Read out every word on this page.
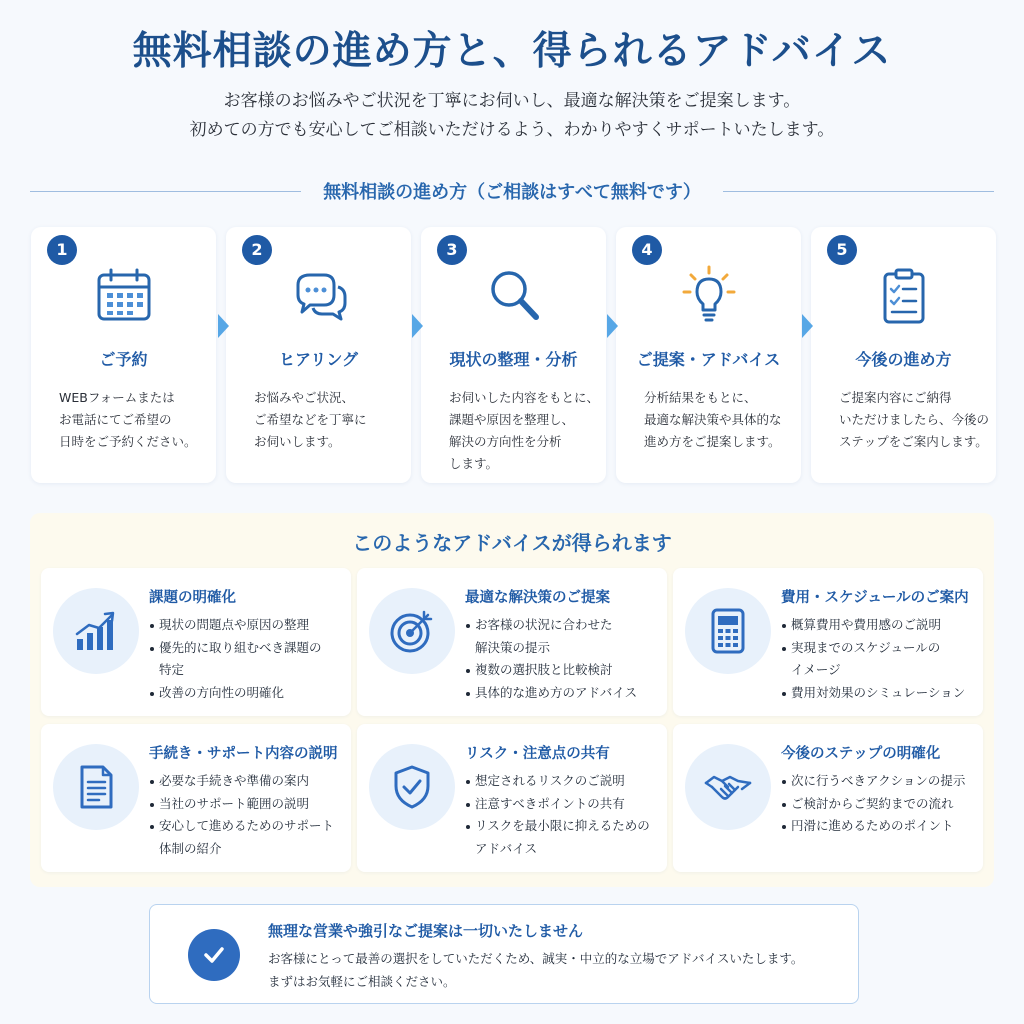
無料相談の進め方と、得られるアドバイス
お客様のお悩みやご状況を丁寧にお伺いし、最適な解決策をご提案します。
初めての方でも安心してご相談いただけるよう、わかりやすくサポートいたします。
無料相談の進め方（ご相談はすべて無料です）
1
ご予約
WEBフォームまたは
お電話にてご希望の
日時をご予約ください。
2
ヒアリング
お悩みやご状況、
ご希望などを丁寧に
お伺いします。
3
現状の整理・分析
お伺いした内容をもとに、
課題や原因を整理し、
解決の方向性を分析
します。
4
ご提案・アドバイス
分析結果をもとに、
最適な解決策や具体的な
進め方をご提案します。
5
今後の進め方
ご提案内容にご納得
いただけましたら、今後の
ステップをご案内します。
このようなアドバイスが得られます
課題の明確化
現状の問題点や原因の整理
優先的に取り組むべき課題の
特定
改善の方向性の明確化
最適な解決策のご提案
お客様の状況に合わせた
解決策の提示
複数の選択肢と比較検討
具体的な進め方のアドバイス
費用・スケジュールのご案内
概算費用や費用感のご説明
実現までのスケジュールの
イメージ
費用対効果のシミュレーション
手続き・サポート内容の説明
必要な手続きや準備の案内
当社のサポート範囲の説明
安心して進めるためのサポート
体制の紹介
リスク・注意点の共有
想定されるリスクのご説明
注意すべきポイントの共有
リスクを最小限に抑えるための
アドバイス
今後のステップの明確化
次に行うべきアクションの提示
ご検討からご契約までの流れ
円滑に進めるためのポイント
無理な営業や強引なご提案は一切いたしません
お客様にとって最善の選択をしていただくため、誠実・中立的な立場でアドバイスいたします。
まずはお気軽にご相談ください。
